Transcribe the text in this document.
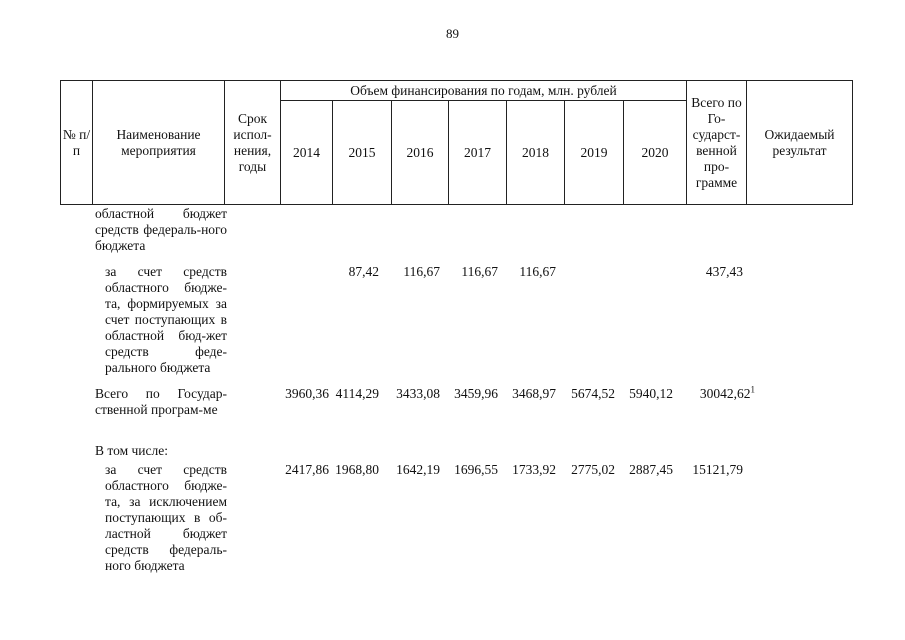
89
№ п/п
Наименование мероприятия
Срок испол-нения, годы
Объем финансирования по годам, млн. рублей
2014 2015 2016 2017 2018 2019	2020
Всего по Го-сударст-венной про-грамме
Ожидаемый результат
областной бюджет средств федераль-ного бюджета
за счет средств областного бюдже-та, формируемых за счет поступающих в областной бюд-жет средств феде-рального бюджета
87,42 116,67 116,67 116,67	437,43
Всего по Государ-ственной програм-ме
3960,36 4114,29 3433,08 3459,96 3468,97 5674,52 5940,12 30042,62$^1$
В том числе:
за счет средств областного бюдже-та, за исключением поступающих в об-ластной бюджет средств федераль-ного бюджета
2417,86 1968,80 1642,19 1696,55 1733,92 2775,02 2887,45 15121,79
